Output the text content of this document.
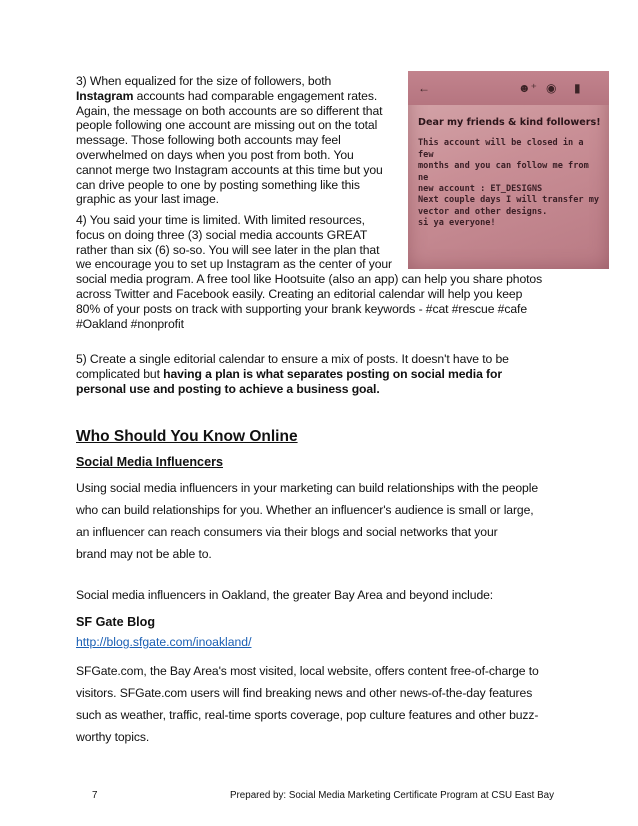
←	☻⁺ ◉ ▮
Dear my friends & kind followers!
This account will be closed in a few
months and you can follow me from ne
new account : ET_DESIGNS
Next couple days I will transfer my
vector and other designs.
si ya everyone!
3) When equalized for the size of followers, both
Instagram accounts had comparable engagement rates.
Again, the message on both accounts are so different that
people following one account are missing out on the total
message. Those following both accounts may feel
overwhelmed on days when you post from both. You
cannot merge two Instagram accounts at this time but you
can drive people to one by posting something like this
graphic as your last image.
4) You said your time is limited. With limited resources,
focus on doing three (3) social media accounts GREAT
rather than six (6) so-so. You will see later in the plan that
we encourage you to set up Instagram as the center of your
social media program. A free tool like Hootsuite (also an app) can help you share photos
across Twitter and Facebook easily. Creating an editorial calendar will help you keep
80% of your posts on track with supporting your brank keywords - #cat #rescue #cafe
#Oakland #nonprofit
5) Create a single editorial calendar to ensure a mix of posts. It doesn't have to be
complicated but having a plan is what separates posting on social media for
personal use and posting to achieve a business goal.
Who Should You Know Online
Social Media Influencers
Using social media influencers in your marketing can build relationships with the people
who can build relationships for you. Whether an influencer's audience is small or large,
an influencer can reach consumers via their blogs and social networks that your
brand may not be able to.
Social media influencers in Oakland, the greater Bay Area and beyond include:
SF Gate Blog
http://blog.sfgate.com/inoakland/
SFGate.com, the Bay Area's most visited, local website, offers content free-of-charge to
visitors. SFGate.com users will find breaking news and other news-of-the-day features
such as weather, traffic, real-time sports coverage, pop culture features and other buzz-
worthy topics.
7	Prepared by: Social Media Marketing Certificate Program at CSU East Bay
